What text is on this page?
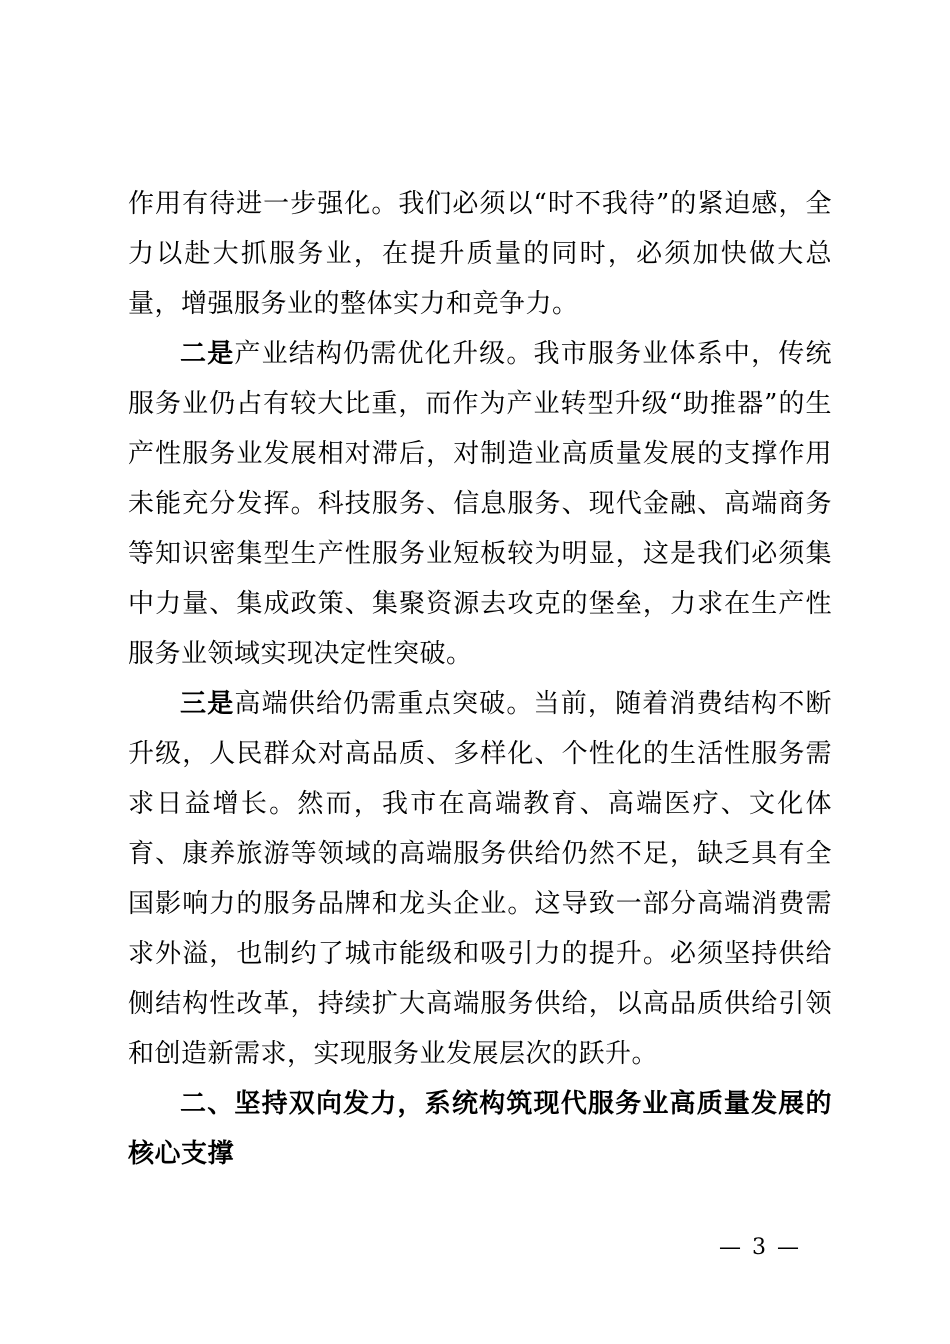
作用有待进一步强化。我们必须以“时不我待”的紧迫感，全力以赴大抓服务业，在提升质量的同时，必须加快做大总量，增强服务业的整体实力和竞争力。

二是产业结构仍需优化升级。我市服务业体系中，传统服务业仍占有较大比重，而作为产业转型升级“助推器”的生产性服务业发展相对滞后，对制造业高质量发展的支撑作用未能充分发挥。科技服务、信息服务、现代金融、高端商务等知识密集型生产性服务业短板较为明显，这是我们必须集中力量、集成政策、集聚资源去攻克的堡垒，力求在生产性服务业领域实现决定性突破。

三是高端供给仍需重点突破。当前，随着消费结构不断升级，人民群众对高品质、多样化、个性化的生活性服务需求日益增长。然而，我市在高端教育、高端医疗、文化体育、康养旅游等领域的高端服务供给仍然不足，缺乏具有全国影响力的服务品牌和龙头企业。这导致一部分高端消费需求外溢，也制约了城市能级和吸引力的提升。必须坚持供给侧结构性改革，持续扩大高端服务供给，以高品质供给引领和创造新需求，实现服务业发展层次的跃升。

二、坚持双向发力，系统构筑现代服务业高质量发展的核心支撑

— 3 —
